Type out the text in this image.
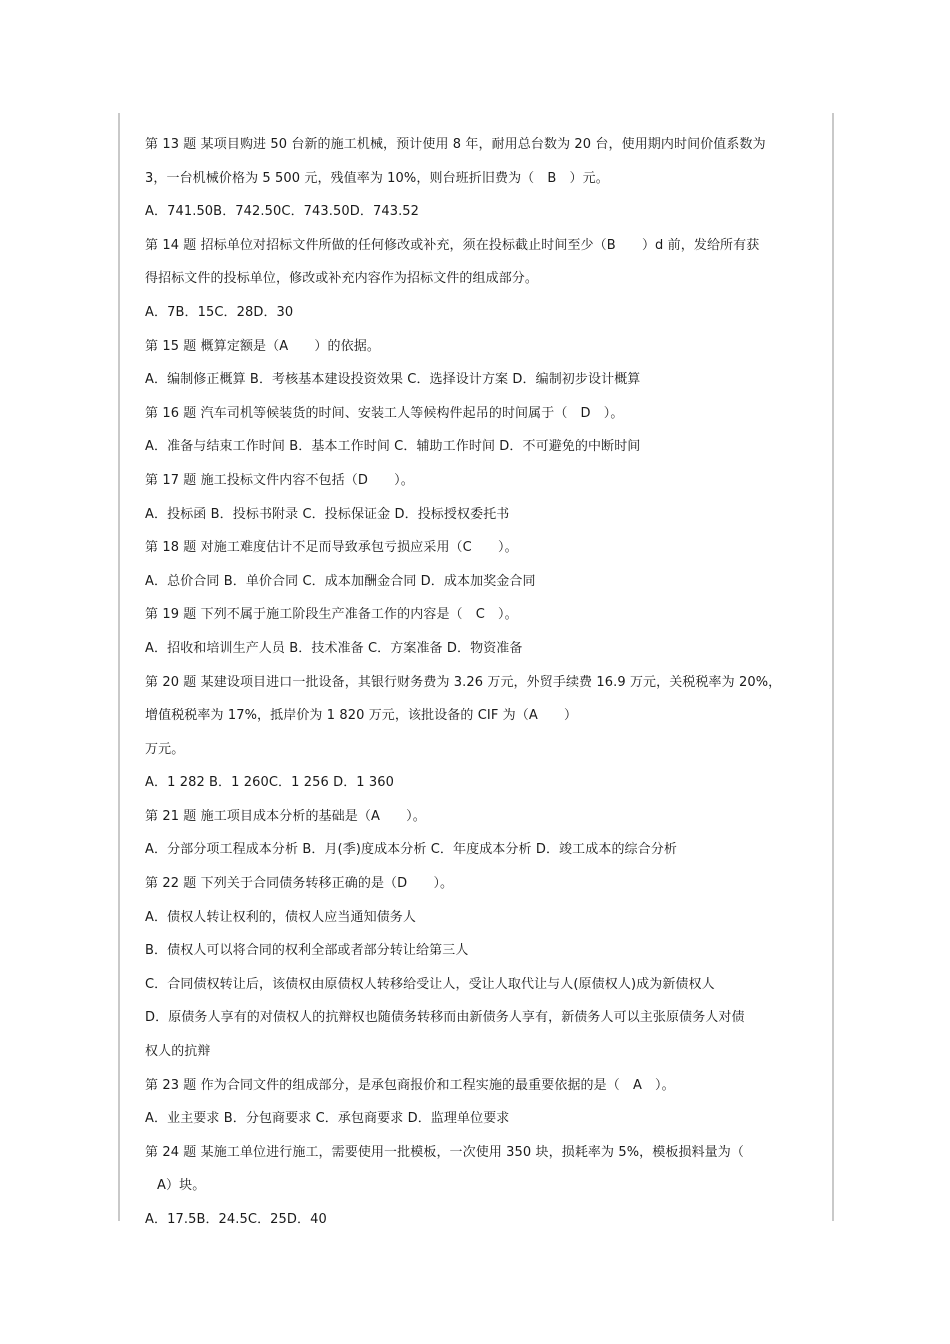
第 13 题 某项目购进 50 台新的施工机械，预计使用 8 年，耐用总台数为 20 台，使用期内时间价值系数为
3，一台机械价格为 5 500 元，残值率为 10%，则台班折旧费为（　B　）元。
A．741.50B．742.50C．743.50D．743.52
第 14 题 招标单位对招标文件所做的任何修改或补充，须在投标截止时间至少（B　　）d 前，发给所有获
得招标文件的投标单位，修改或补充内容作为招标文件的组成部分。
A．7B．15C．28D．30
第 15 题 概算定额是（A　　）的依据。
A．编制修正概算 B．考核基本建设投资效果 C．选择设计方案 D．编制初步设计概算
第 16 题 汽车司机等候装货的时间、安装工人等候构件起吊的时间属于（　D　）。
A．准备与结束工作时间 B．基本工作时间 C．辅助工作时间 D．不可避免的中断时间
第 17 题 施工投标文件内容不包括（D　　）。
A．投标函 B．投标书附录 C．投标保证金 D．投标授权委托书
第 18 题 对施工难度估计不足而导致承包亏损应采用（C　　）。
A．总价合同 B．单价合同 C．成本加酬金合同 D．成本加奖金合同
第 19 题 下列不属于施工阶段生产准备工作的内容是（　C　）。
A．招收和培训生产人员 B．技术准备 C．方案准备 D．物资准备
第 20 题 某建设项目进口一批设备，其银行财务费为 3.26 万元，外贸手续费 16.9 万元，关税税率为 20%，
增值税税率为 17%，抵岸价为 1 820 万元，该批设备的 CIF 为（A　　）
万元。
A．1 282 B．1 260C．1 256 D．1 360
第 21 题 施工项目成本分析的基础是（A　　）。
A．分部分项工程成本分析 B．月(季)度成本分析 C．年度成本分析 D．竣工成本的综合分析
第 22 题 下列关于合同债务转移正确的是（D　　）。
A．债权人转让权利的，债权人应当通知债务人
B．债权人可以将合同的权利全部或者部分转让给第三人
C．合同债权转让后，该债权由原债权人转移给受让人，受让人取代让与人(原债权人)成为新债权人
D．原债务人享有的对债权人的抗辩权也随债务转移而由新债务人享有，新债务人可以主张原债务人对债
权人的抗辩
第 23 题 作为合同文件的组成部分，是承包商报价和工程实施的最重要依据的是（　A　）。
A．业主要求 B．分包商要求 C．承包商要求 D．监理单位要求
第 24 题 某施工单位进行施工，需要使用一批模板，一次使用 350 块，损耗率为 5%，模板损料量为（
A）块。
A．17.5B．24.5C．25D．40
